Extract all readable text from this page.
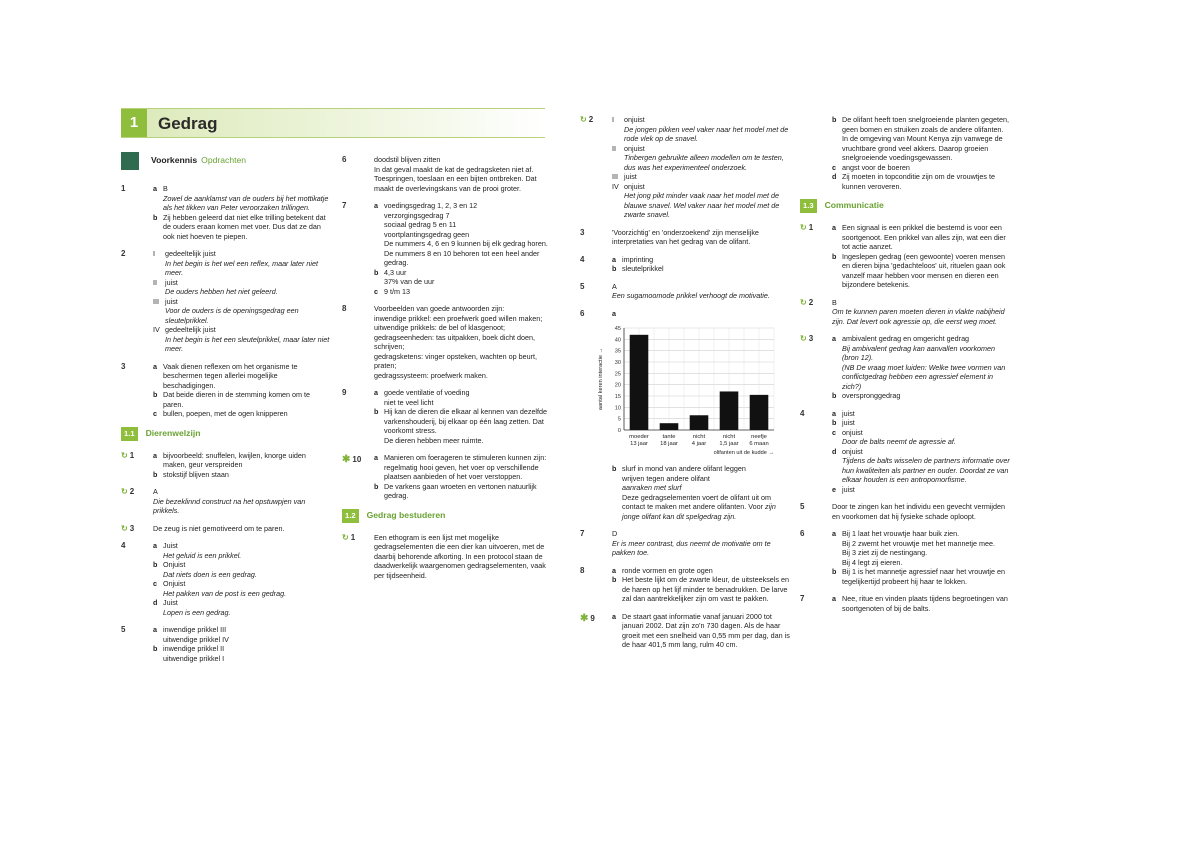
1	Gedrag
Voorkennis Opdrachten
1	a B
Zowel de aanklamst van de ouders bij het mottikatje als het tikken van Peter veroorzaken trillingen.
b Zij hebben geleerd dat niet elke trilling betekent dat de ouders eraan komen met voer. Dus dat ze dan ook niet hoeven te piepen.
2	I	gedeeltelijk juist
In het begin is het wel een reflex, maar later niet meer.
II	juist
De ouders hebben het niet geleerd.
III juist
Voor de ouders is de openingsgedrag een sleutelprikkel.
IV gedeeltelijk juist
In het begin is het een sleutelprikkel, maar later niet meer.
3	a Vaak dienen reflexen om het organisme te beschermen tegen allerlei mogelijke beschadigingen.
b Dat beide dieren in de stemming komen om te paren.
c bullen, poepen, met de ogen knipperen
1.1	Dierenwelzijn
↻ 1	a bijvoorbeeld: snuffelen, kwijlen, knorge uiden maken, geur verspreiden
b stokstijf blijven staan
↻ 2	A
Die bezeklinnd construct na het opstuwpjen van prikkels.
↻ 3	De zeug is niet gemotiveerd om te paren.
4	a Juist
Het geluid is een prikkel.
b Onjuist
Dat niets doen is een gedrag.
c Onjuist
Het pakken van de post is een gedrag.
d Juist
Lopen is een gedrag.
5	a inwendige prikkel III
uitwendige prikkel IV
b inwendige prikkel II
uitwendige prikkel I
6	doodstil blijven zitten
In dat geval maakt de kat de gedragsketen niet af. Toespringen, toeslaan en een bijten ontbreken. Dat maakt de overlevingskans van de prooi groter.
7	a voedingsgedrag 1, 2, 3 en 12
verzorgingsgedrag 7
sociaal gedrag 5 en 11
voortplantingsgedrag geen
De nummers 4, 6 en 9 kunnen bij elk gedrag horen.
De nummers 8 en 10 behoren tot een heel ander gedrag.
b 4,3 uur
37% van de uur
c 9 t/m 13
8	Voorbeelden van goede antwoorden zijn:
inwendige prikkel: een proefwerk goed willen maken;
uitwendige prikkels: de bel of klasgenoot;
gedragseenheden: tas uitpakken, boek dicht doen, schrijven;
gedragsketens: vinger opsteken, wachten op beurt, praten;
gedragssysteem: proefwerk maken.
9	a goede ventilatie of voeding
niet te veel licht
b Hij kan de dieren die elkaar al kennen van dezelfde varkenshouderij, bij elkaar op één laag zetten. Dat voorkomt stress.
De dieren hebben meer ruimte.
✱ 10	a Manieren om foerageren te stimuleren kunnen zijn: regelmatig hooi geven, het voer op verschillende plaatsen aanbieden of het voer verstoppen.
b De varkens gaan wroeten en vertonen natuurlijk gedrag.
1.2	Gedrag bestuderen
↻ 1	Een ethogram is een lijst met mogelijke gedragselementen die een dier kan uitvoeren, met de daarbij behorende afkorting. In een protocol staan de daadwerkelijk waargenomen gedragselementen, vaak per tijdseenheid.
↻ 2	I	onjuist
De jongen pikken veel vaker naar het model met de rode vlek op de snavel.
II	onjuist
Tinbergen gebruikte alleen modellen om te testen, dus was het experimenteel onderzoek.
III juist
IV onjuist
Het jong pikt minder vaak naar het model met de blauwe snavel. Wel vaker naar het model met de zwarte snavel.
3	'Voorzichtig' en 'onderzoekend' zijn menselijke interpretaties van het gedrag van de olifant.
4	a imprinting
b sleutelprikkel
5	A
Een sugamoomode prikkel verhoogt de motivatie.
6	a
0
5
10
15
20
25
30
35
40
45
moeder
13 jaar
tante
18 jaar
nicht
4 jaar
nicht
1,5 jaar
neefje
6 maan
olifanten uit de kudde →
aantal keren interactie →
b slurf in mond van andere olifant leggen
wrijven tegen andere olifant
aanraken met slurf
Deze gedragselementen voert de olifant uit om contact te maken met andere olifanten. Voor zijn jonge olifant kan dit spelgedrag zijn.
7	D
Er is meer contrast, dus neemt de motivatie om te pakken toe.
8	a ronde vormen en grote ogen
b Het beste lijkt om de zwarte kleur, de uitsteeksels en de haren op het lijf minder te benadrukken. De larve zal dan aantrekkelijker zijn om vast te pakken.
✱ 9	a De staart gaat informatie vanaf januari 2000 tot januari 2002. Dat zijn zo'n 730 dagen. Als de haar groeit met een snelheid van 0,55 mm per dag, dan is de haar 401,5 mm lang, rulm 40 cm.
b De olifant heeft toen snelgroeiende planten gegeten, geen bomen en struiken zoals de andere olifanten. In de omgeving van Mount Kenya zijn vanwege de vruchtbare grond veel akkers. Daarop groeien snelgroeiende voedingsgewassen.
c angst voor de boeren
d Zij moeten in topconditie zijn om de vrouwtjes te kunnen veroveren.
1.3	Communicatie
↻ 1	a Een signaal is een prikkel die bestemd is voor een soortgenoot. Een prikkel van alles zijn, wat een dier tot actie aanzet.
b Ingeslepen gedrag (een gewoonte) voeren mensen en dieren bijna 'gedachteloos' uit, rituelen gaan ook vanzelf maar hebben voor mensen en dieren een bijzondere betekenis.
↻ 2	B
Om te kunnen paren moeten dieren in vlakte nabijheid zijn. Dat levert ook agressie op, die eerst weg moet.
↻ 3	a ambivalent gedrag en omgericht gedrag
Bij ambivalent gedrag kan aanvallen voorkomen (bron 12).
(NB De vraag moet luiden: Welke twee vormen van conflictgedrag hebben een agressief element in zich?)
b overspronggedrag
4	a juist
b juist
c onjuist
Door de balts neemt de agressie af.
d onjuist
Tijdens de balts wisselen de partners informatie over hun kwaliteiten als partner en ouder. Doordat ze van elkaar houden is een antropomorfisme.
e juist
5	Door te zingen kan het individu een gevecht vermijden en voorkomen dat hij fysieke schade oploopt.
6	a Bij 1 laat het vrouwtje haar buik zien.
Bij 2 zwemt het vrouwtje met het mannetje mee.
Bij 3 ziet zij de nestingang.
Bij 4 legt zij eieren.
b Bij 1 is het mannetje agressief naar het vrouwtje en tegelijkertijd probeert hij haar te lokken.
7	a Nee, ritue en vinden plaats tijdens begroetingen van soortgenoten of bij de balts.
